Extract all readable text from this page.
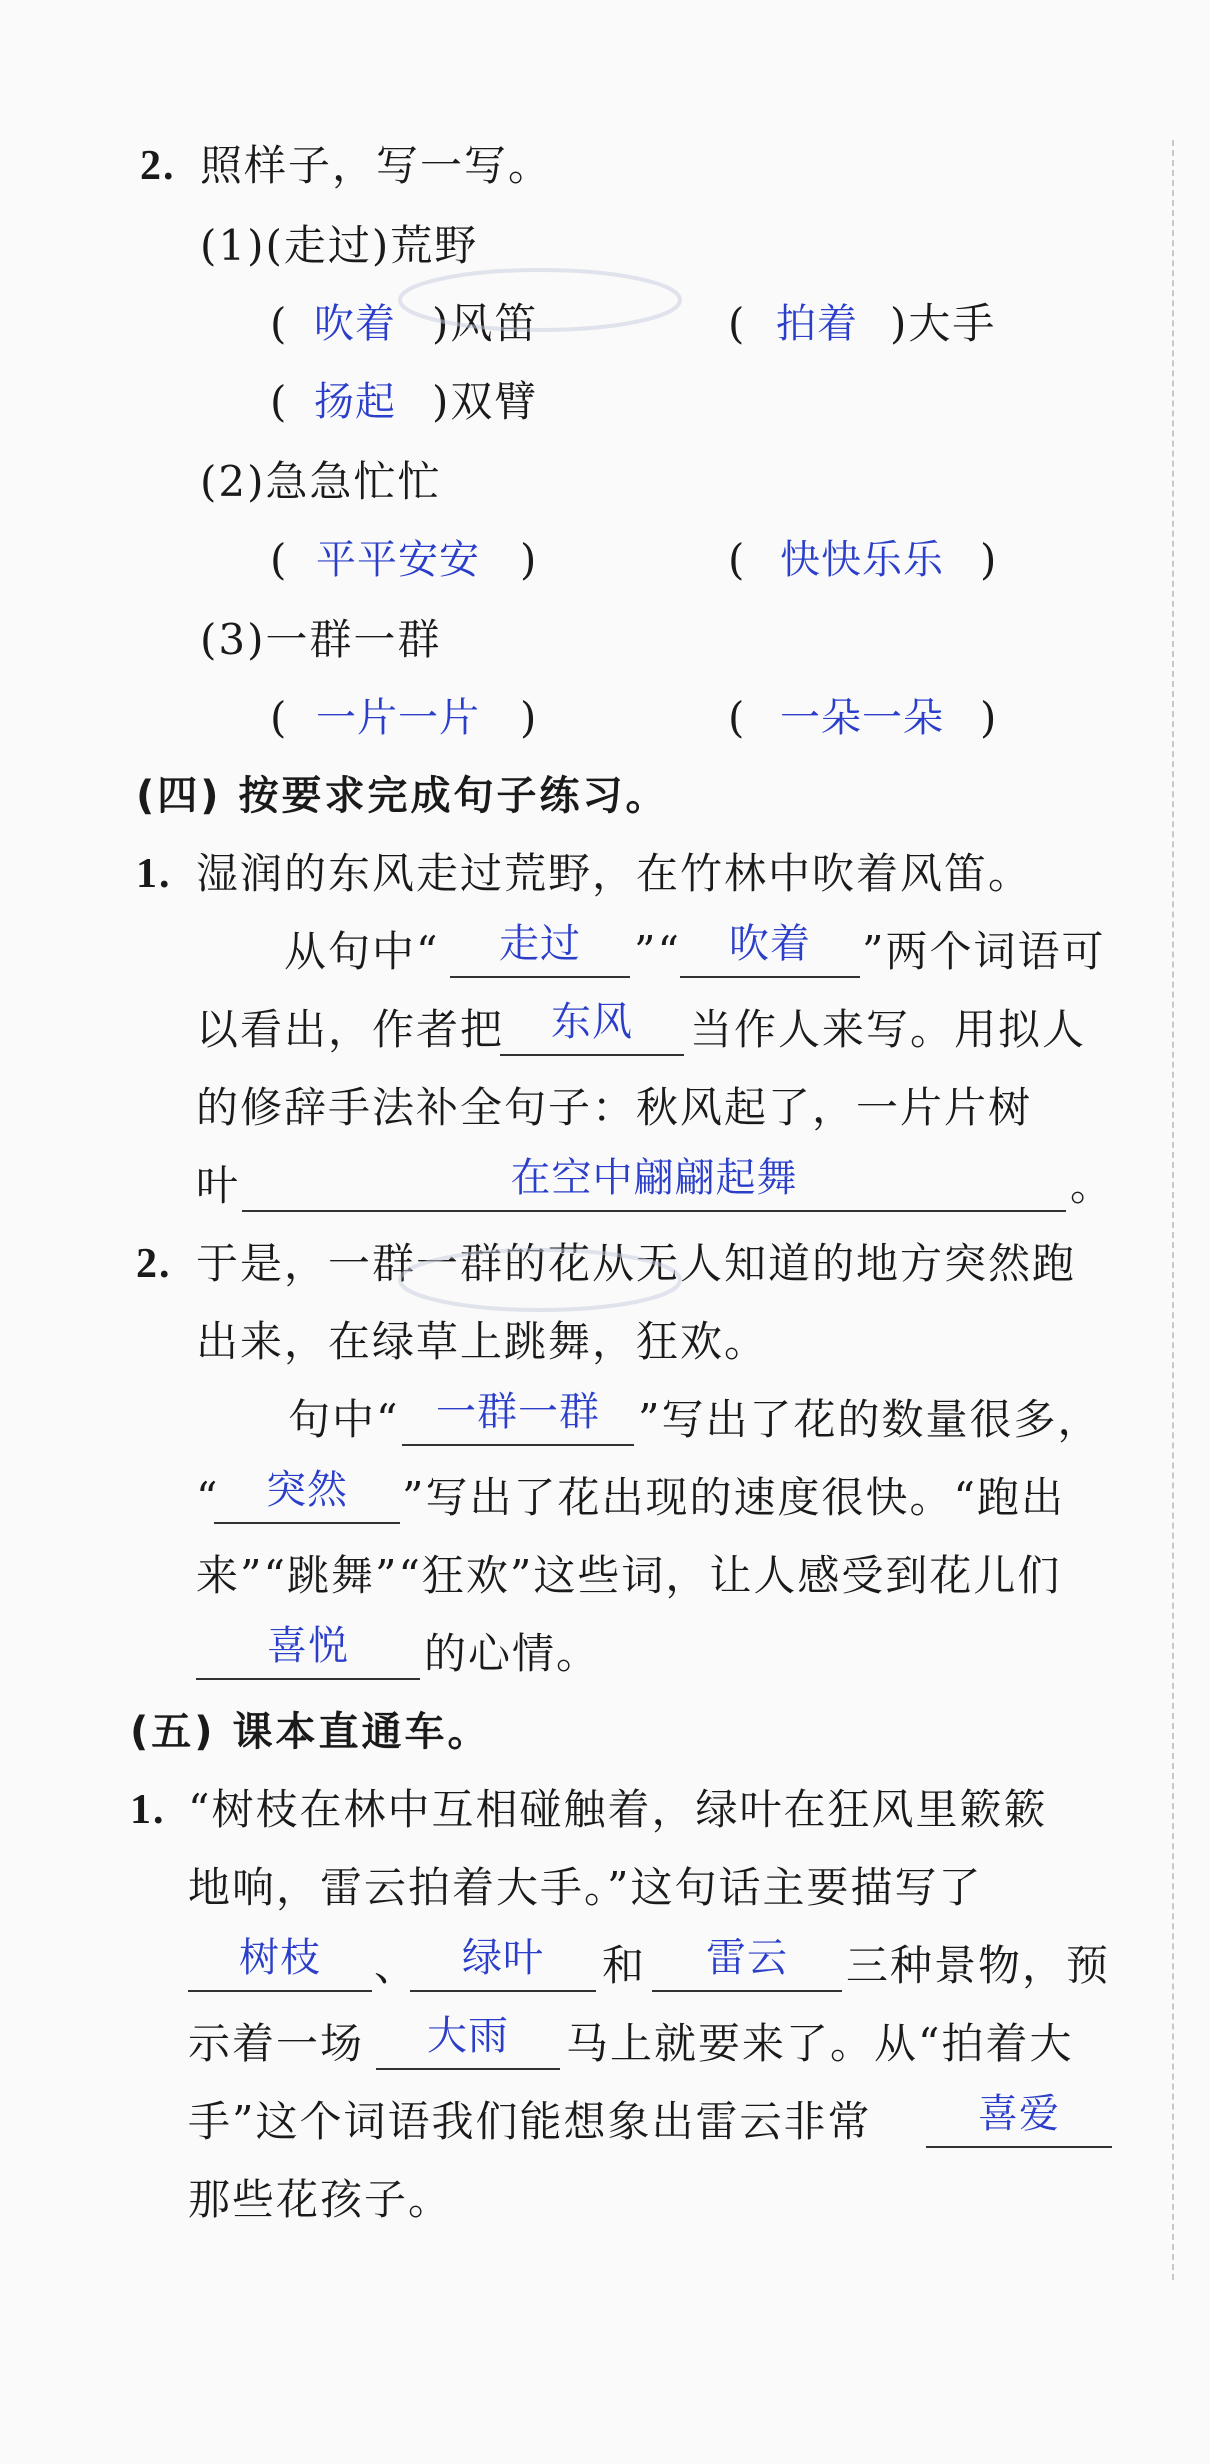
2. 照样子，写一写。
(1)(走过)荒野
( 吹着 )风笛	( 拍着 )大手
( 扬起 )双臂
(2)急急忙忙
( 平平安安 )	( 快快乐乐 )
(3)一群一群
( 一片一片 )	( 一朵一朵 )
(四) 按要求完成句子练习。
1. 湿润的东风走过荒野，在竹林中吹着风笛。
从句中“	走过	”“	吹着	”两个词语可
以看出，作者把	东风	当作人来写。用拟人
的修辞手法补全句子：秋风起了，一片片树
叶	在空中翩翩起舞	。
2. 于是，一群一群的花从无人知道的地方突然跑
出来，在绿草上跳舞，狂欢。
句中“ 一群一群 ”写出了花的数量很多，
“	突然	”写出了花出现的速度很快。“跑出
来”“跳舞”“狂欢”这些词，让人感受到花儿们
喜悦	的心情。
(五) 课本直通车。
1. “树枝在林中互相碰触着，绿叶在狂风里簌簌
地响，雷云拍着大手。”这句话主要描写了
树枝	、	绿叶	和	雷云	三种景物，预
示着一场	大雨	马上就要来了。从“拍着大
手”这个词语我们能想象出雷云非常	喜爱
那些花孩子。
